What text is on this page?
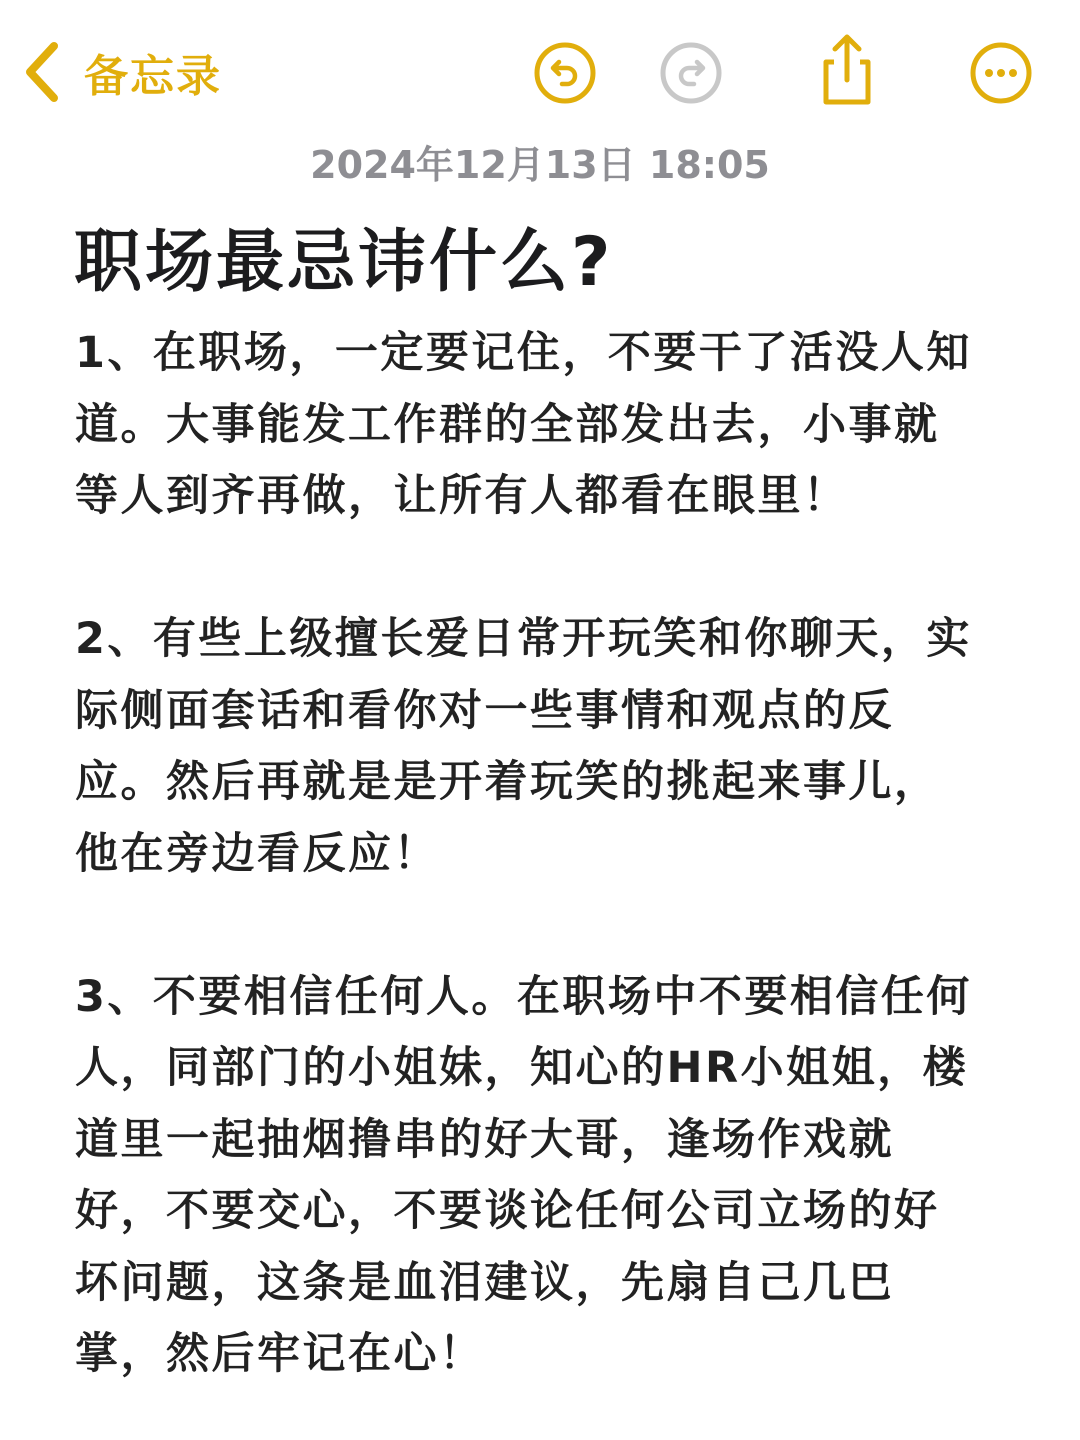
备忘录
2024年12月13日 18:05
职场最忌讳什么?
1、在职场，一定要记住，不要干了活没人知
道。大事能发工作群的全部发出去，小事就
等人到齐再做，让所有人都看在眼里！
2、有些上级擅长爱日常开玩笑和你聊天，实
际侧面套话和看你对一些事情和观点的反
应。然后再就是是开着玩笑的挑起来事儿，
他在旁边看反应！
3、不要相信任何人。在职场中不要相信任何
人，同部门的小姐妹，知心的HR小姐姐，楼
道里一起抽烟撸串的好大哥，逢场作戏就
好，不要交心，不要谈论任何公司立场的好
坏问题，这条是血泪建议，先扇自己几巴
掌，然后牢记在心！
